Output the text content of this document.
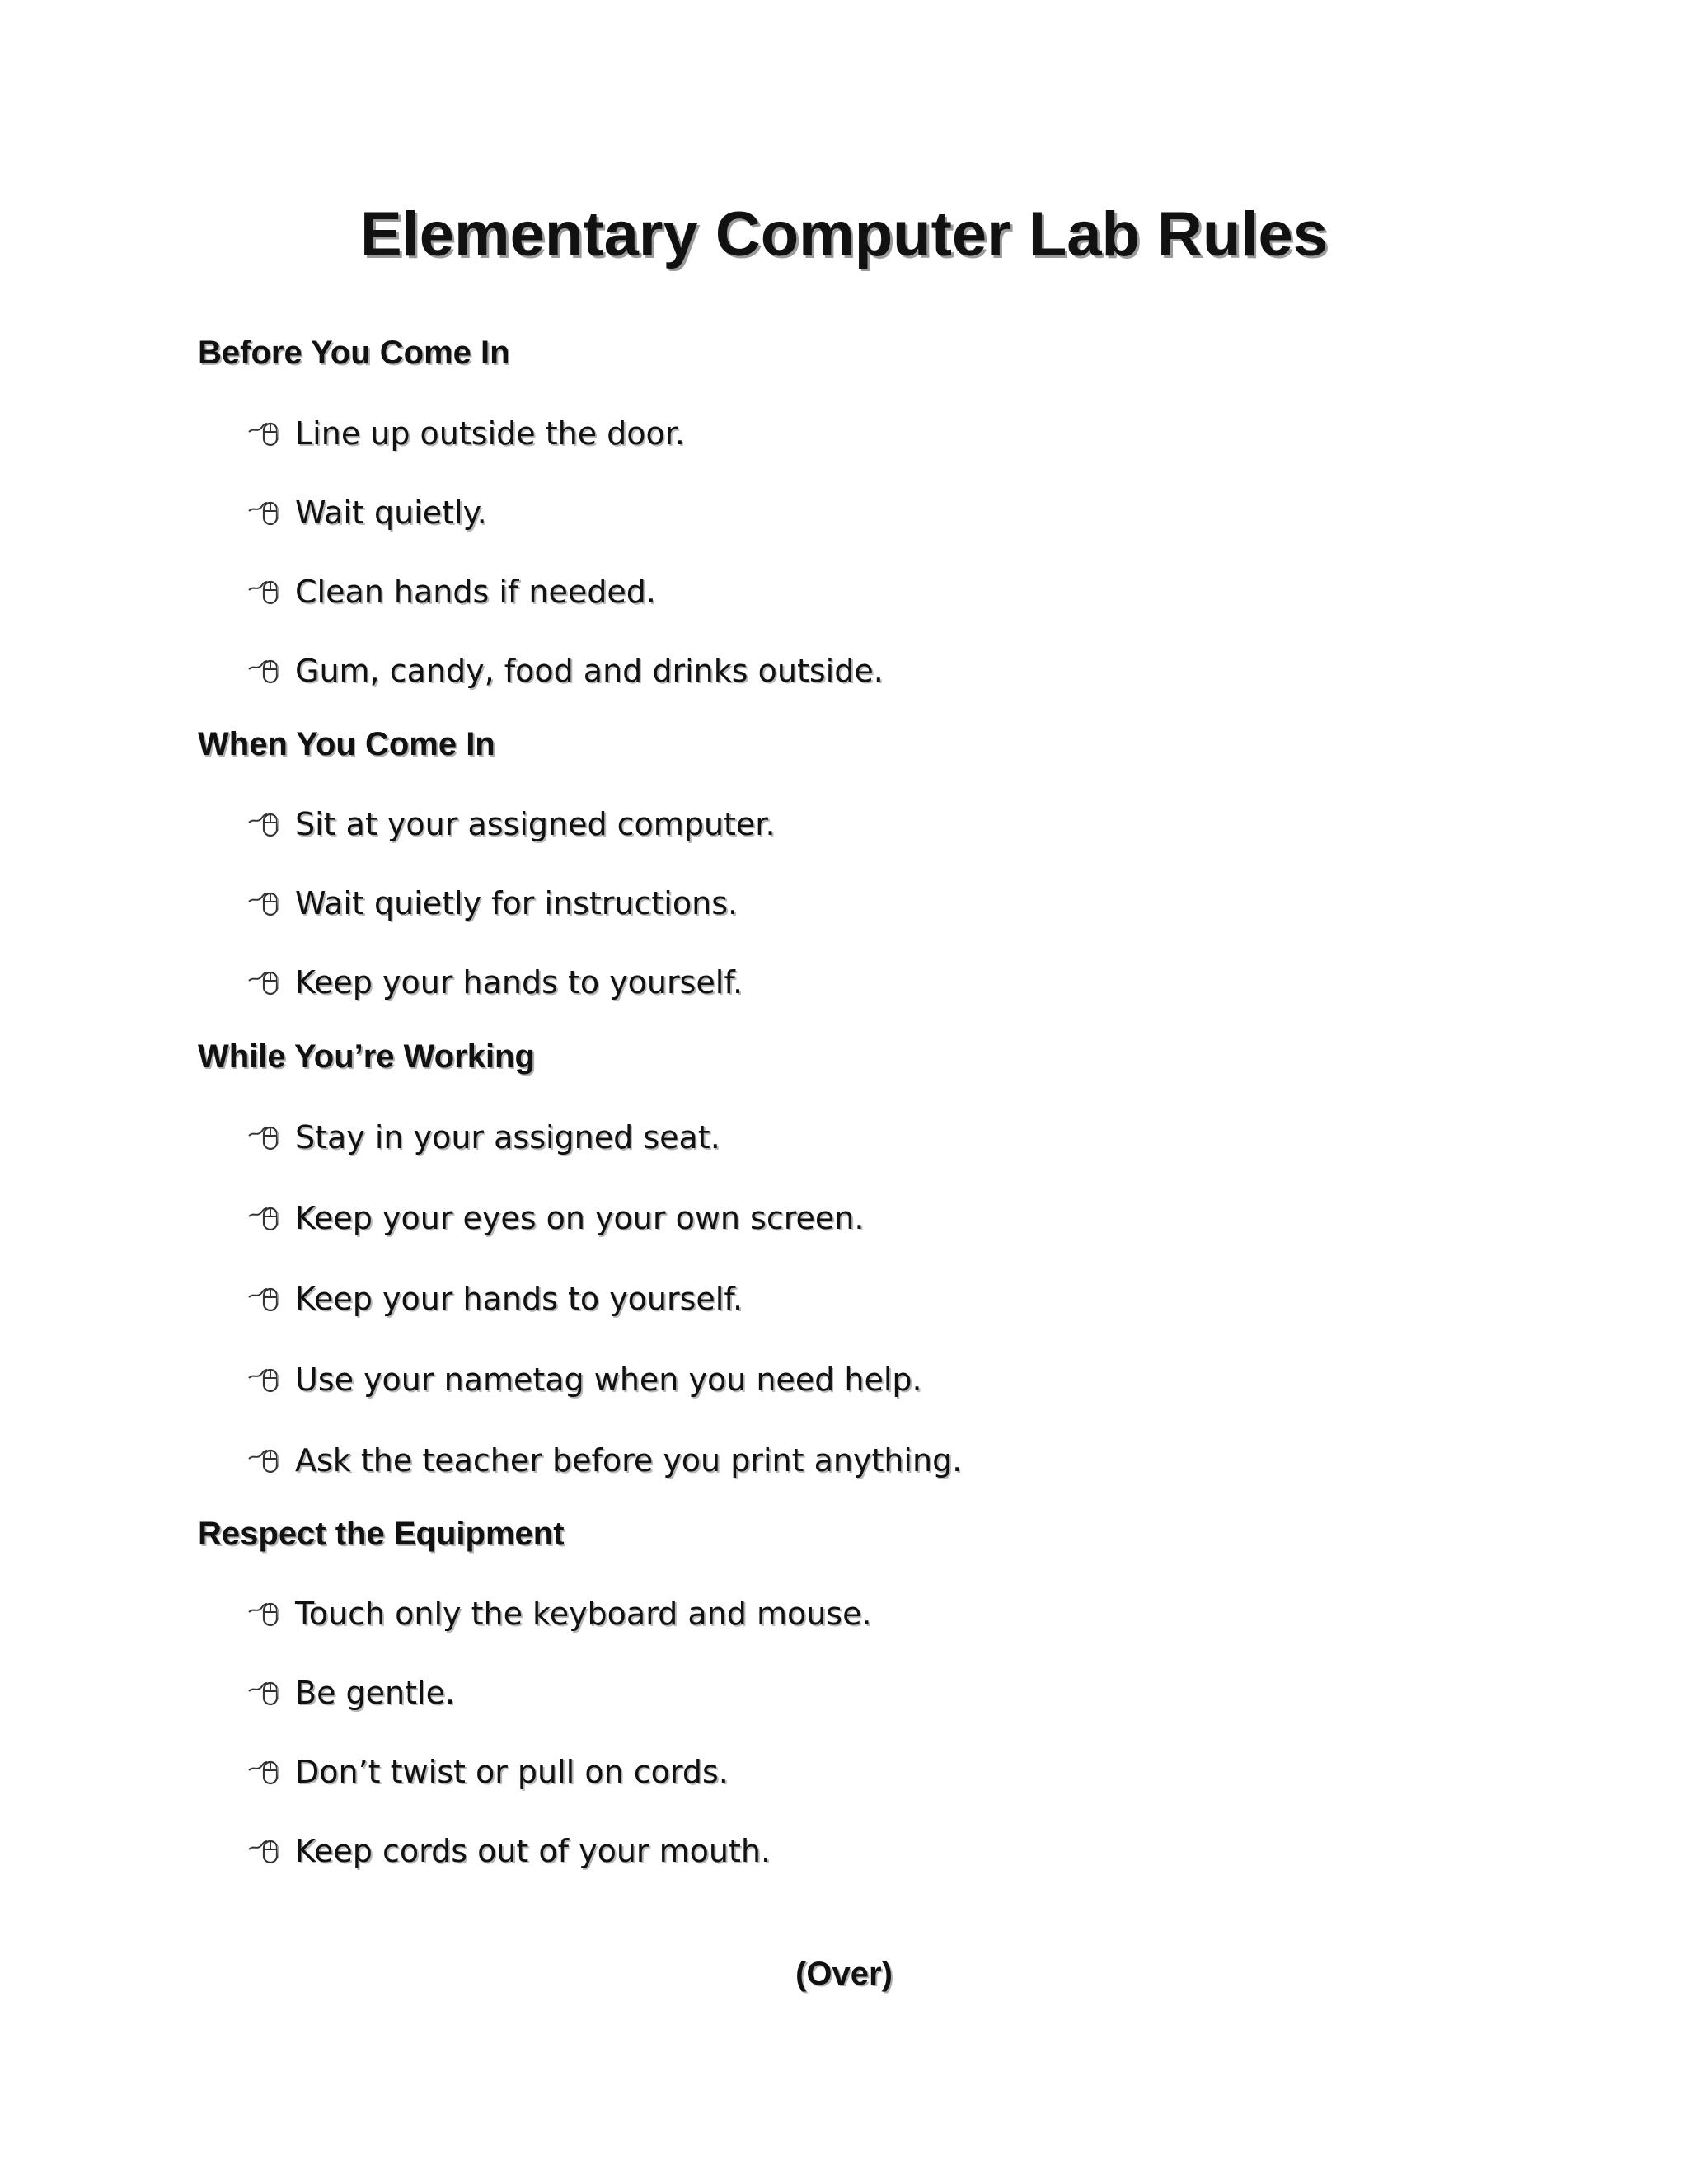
Elementary Computer Lab Rules
Before You Come In
Line up outside the door.
Wait quietly.
Clean hands if needed.
Gum, candy, food and drinks outside.
When You Come In
Sit at your assigned computer.
Wait quietly for instructions.
Keep your hands to yourself.
While You’re Working
Stay in your assigned seat.
Keep your eyes on your own screen.
Keep your hands to yourself.
Use your nametag when you need help.
Ask the teacher before you print anything.
Respect the Equipment
Touch only the keyboard and mouse.
Be gentle.
Don’t twist or pull on cords.
Keep cords out of your mouth.
(Over)
